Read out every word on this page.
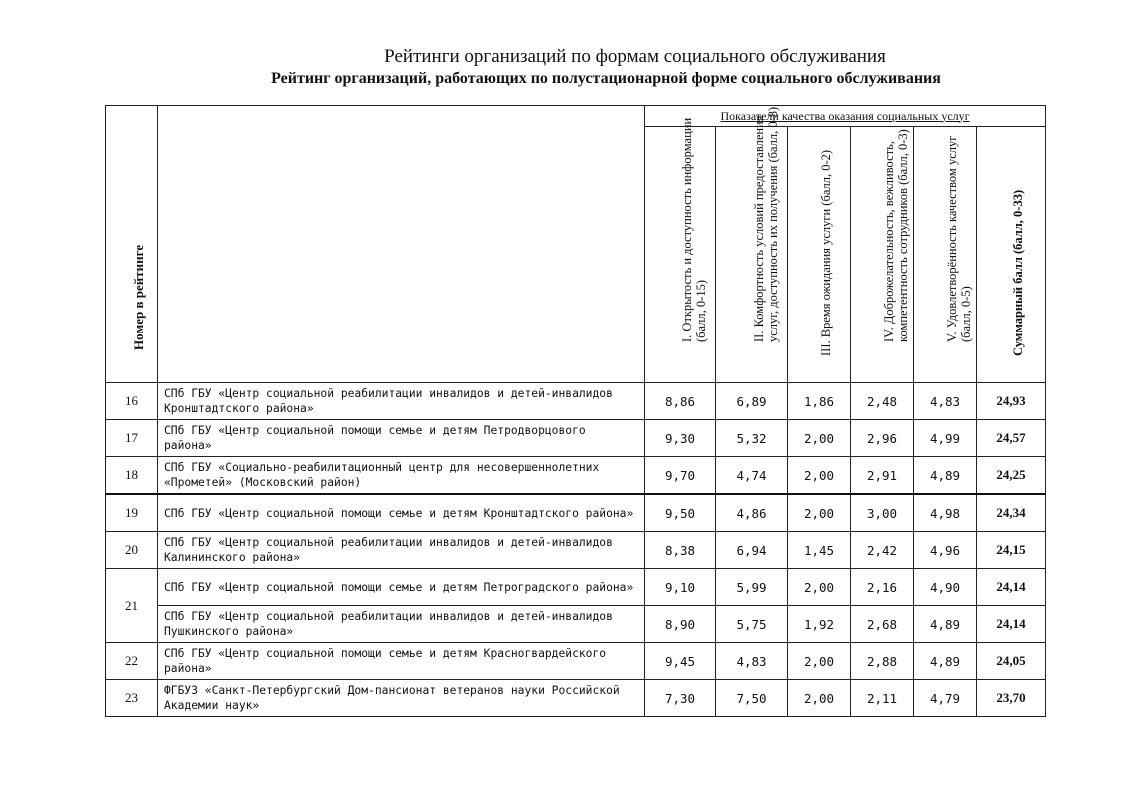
Рейтинги организаций по формам социального обслуживания
Рейтинг организаций, работающих по полустационарной форме социального обслуживания
Номер в рейтинге		Показатели качества оказания социальных услуг					

		I. Открытость и доступность информации (балл, 0-15)	II. Комфортность условий предоставления услуг, доступность их получения (балл, 0-8)	III. Время ожидания услуги (балл, 0-2)	IV. Доброжелательность, вежливость, компетентность сотрудников (балл, 0-3)	V. Удовлетворённость качеством услуг (балл, 0-5)	Суммарный балл (балл, 0-33)

16	СПб ГБУ «Центр социальной реабилитации инвалидов и детей-инвалидов Кронштадтского района»	8,86	6,89	1,86	2,48	4,83	24,93
17	СПб ГБУ «Центр социальной помощи семье и детям Петродворцового района»	9,30	5,32	2,00	2,96	4,99	24,57
18	СПб ГБУ «Социально-реабилитационный центр для несовершеннолетних «Прометей» (Московский район)	9,70	4,74	2,00	2,91	4,89	24,25
19	СПб ГБУ «Центр социальной помощи семье и детям Кронштадтского района»	9,50	4,86	2,00	3,00	4,98	24,34
20	СПб ГБУ «Центр социальной реабилитации инвалидов и детей-инвалидов Калининского района»	8,38	6,94	1,45	2,42	4,96	24,15
21	СПб ГБУ «Центр социальной помощи семье и детям Петроградского района»	9,10	5,99	2,00	2,16	4,90	24,14
	СПб ГБУ «Центр социальной реабилитации инвалидов и детей-инвалидов Пушкинского района»	8,90	5,75	1,92	2,68	4,89	24,14
22	СПб ГБУ «Центр социальной помощи семье и детям Красногвардейского района»	9,45	4,83	2,00	2,88	4,89	24,05
23	ФГБУЗ «Санкт-Петербургский Дом-пансионат ветеранов науки Российской Академии наук»	7,30	7,50	2,00	2,11	4,79	23,70
